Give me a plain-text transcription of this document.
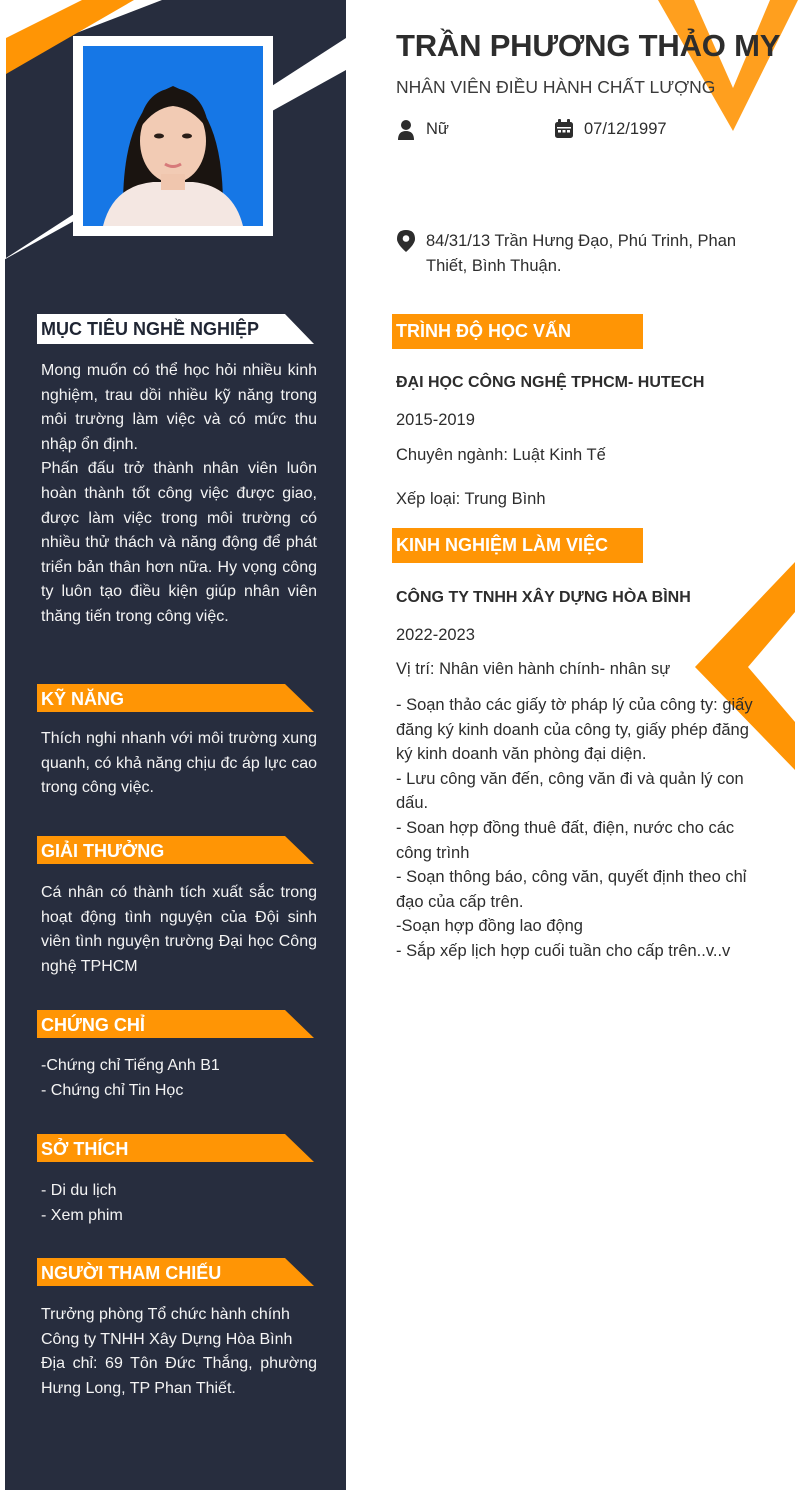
MỤC TIÊU NGHỀ NGHIỆP

Mong muốn có thể học hỏi nhiều kinh nghiệm, trau dồi nhiều kỹ năng trong môi trường làm việc và có mức thu nhập ổn định.

Phấn đấu trở thành nhân viên luôn hoàn thành tốt công việc được giao, được làm việc trong môi trường có nhiều thử thách và năng động để phát triển bản thân hơn nữa. Hy vọng công ty luôn tạo điều kiện giúp nhân viên thăng tiến trong công việc.

KỸ NĂNG
Thích nghi nhanh với môi trường xung quanh, có khả năng chịu đc áp lực cao trong công việc.
GIẢI THƯỞNG
Cá nhân có thành tích xuất sắc trong hoạt động tình nguyện của Đội sinh viên tình nguyện trường Đại học Công nghệ TPHCM
CHỨNG CHỈ
-Chứng chỉ Tiếng Anh B1
- Chứng chỉ Tin Học
SỞ THÍCH
- Di du lịch
- Xem phim
NGƯỜI THAM CHIẾU
Trưởng phòng Tổ chức hành chính
Công ty TNHH Xây Dựng Hòa Bình
Địa chỉ: 69 Tôn Đức Thắng, phường Hưng Long, TP Phan Thiết.
TRẦN PHƯƠNG THẢO MY
NHÂN VIÊN ĐIỀU HÀNH CHẤT LƯỢNG
Nữ	07/12/1997
84/31/13 Trần Hưng Đạo, Phú Trinh, Phan
Thiết, Bình Thuận.
TRÌNH ĐỘ HỌC VẤN
ĐẠI HỌC CÔNG NGHỆ TPHCM- HUTECH
2015-2019
Chuyên ngành: Luật Kinh Tế
Xếp loại: Trung Bình
KINH NGHIỆM LÀM VIỆC
CÔNG TY TNHH XÂY DỰNG HÒA BÌNH
2022-2023
Vị trí: Nhân viên hành chính- nhân sự
- Soạn thảo các giấy tờ pháp lý của công ty: giấy đăng ký kinh doanh của công ty, giấy phép đăng ký kinh doanh văn phòng đại diện.
- Lưu công văn đến, công văn đi và quản lý con dấu.
- Soan hợp đồng thuê đất, điện, nước cho các công trình
- Soạn thông báo, công văn, quyết định theo chỉ đạo của cấp trên.
-Soạn hợp đồng lao động
- Sắp xếp lịch hợp cuối tuần cho cấp trên..v..v
